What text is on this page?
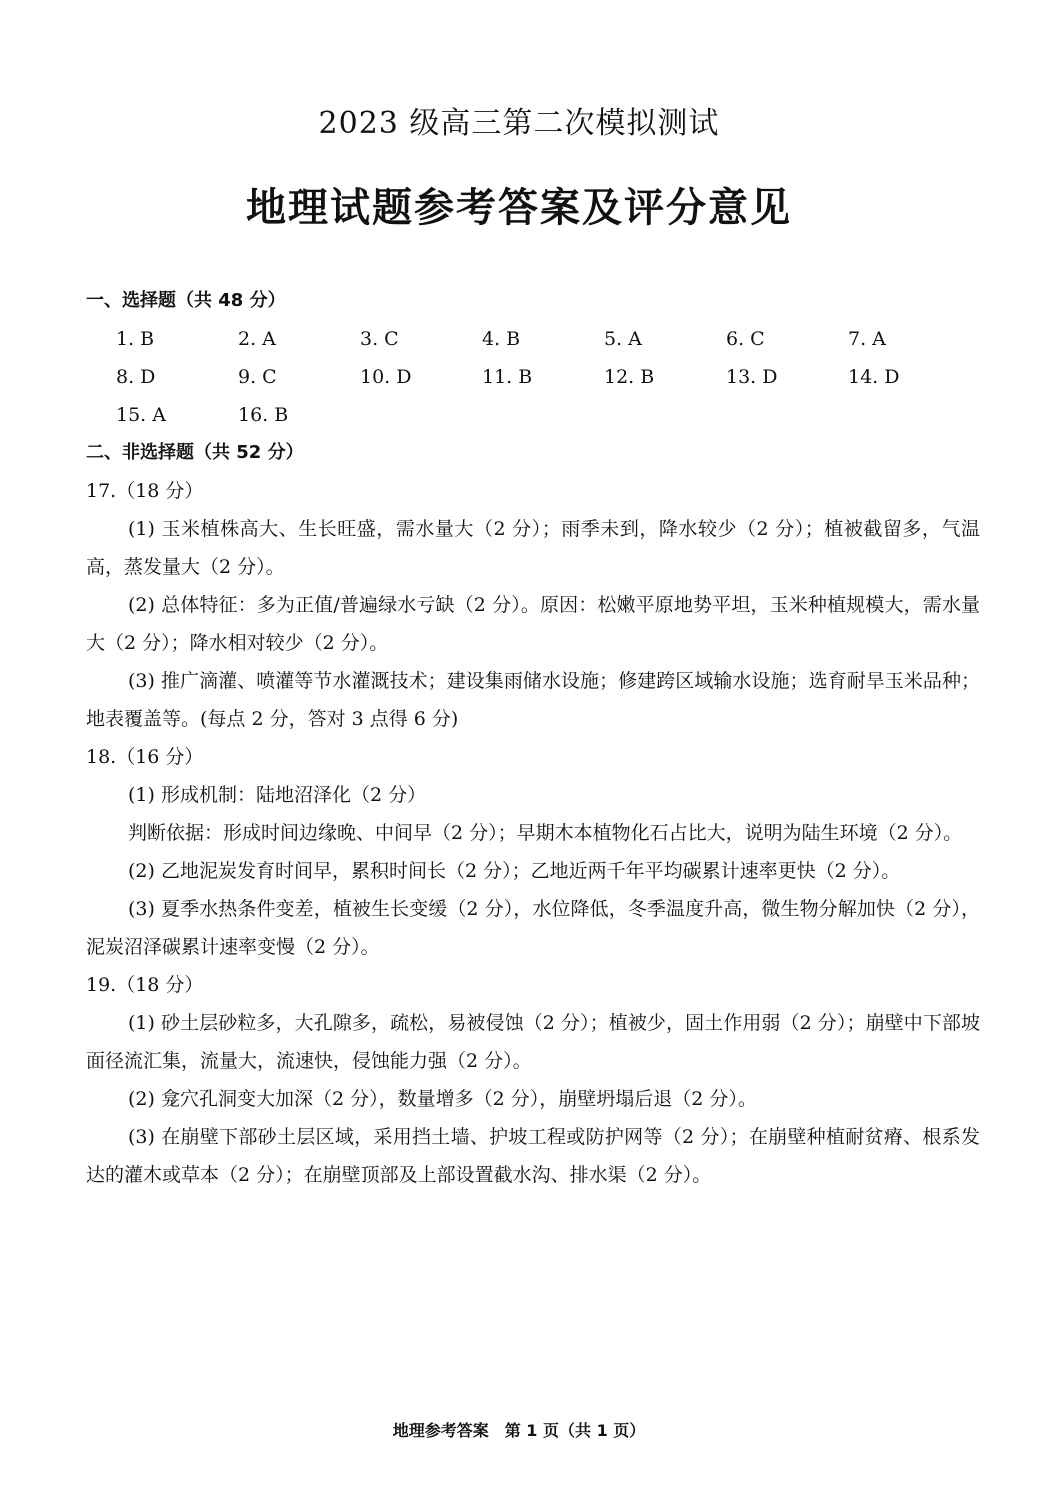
2023 级高三第二次模拟测试
地理试题参考答案及评分意见
一、选择题（共 48 分）
1. B	2. A	3. C	4. B	5. A	6. C	7. A
8. D	9. C	10. D	11. B	12. B	13. D	14. D
15. A	16. B
二、非选择题（共 52 分）
17.（18 分）
(1) 玉米植株高大、生长旺盛，需水量大（2 分）；雨季未到，降水较少（2 分）；植被截留多，气温高，蒸发量大（2 分）。
(2) 总体特征：多为正值/普遍绿水亏缺（2 分）。原因：松嫩平原地势平坦，玉米种植规模大，需水量大（2 分）；降水相对较少（2 分）。
(3) 推广滴灌、喷灌等节水灌溉技术；建设集雨储水设施；修建跨区域输水设施；选育耐旱玉米品种；地表覆盖等。(每点 2 分，答对 3 点得 6 分)
18.（16 分）
(1) 形成机制：陆地沼泽化（2 分）
判断依据：形成时间边缘晚、中间早（2 分）；早期木本植物化石占比大，说明为陆生环境（2 分）。
(2) 乙地泥炭发育时间早，累积时间长（2 分）；乙地近两千年平均碳累计速率更快（2 分）。
(3) 夏季水热条件变差，植被生长变缓（2 分），水位降低，冬季温度升高，微生物分解加快（2 分），泥炭沼泽碳累计速率变慢（2 分）。
19.（18 分）
(1) 砂土层砂粒多，大孔隙多，疏松，易被侵蚀（2 分）；植被少，固土作用弱（2 分）；崩壁中下部坡面径流汇集，流量大，流速快，侵蚀能力强（2 分）。
(2) 龛穴孔洞变大加深（2 分），数量增多（2 分），崩壁坍塌后退（2 分）。
(3) 在崩壁下部砂土层区域，采用挡土墙、护坡工程或防护网等（2 分）；在崩壁种植耐贫瘠、根系发达的灌木或草本（2 分）；在崩壁顶部及上部设置截水沟、排水渠（2 分）。
地理参考答案　第 1 页（共 1 页）
